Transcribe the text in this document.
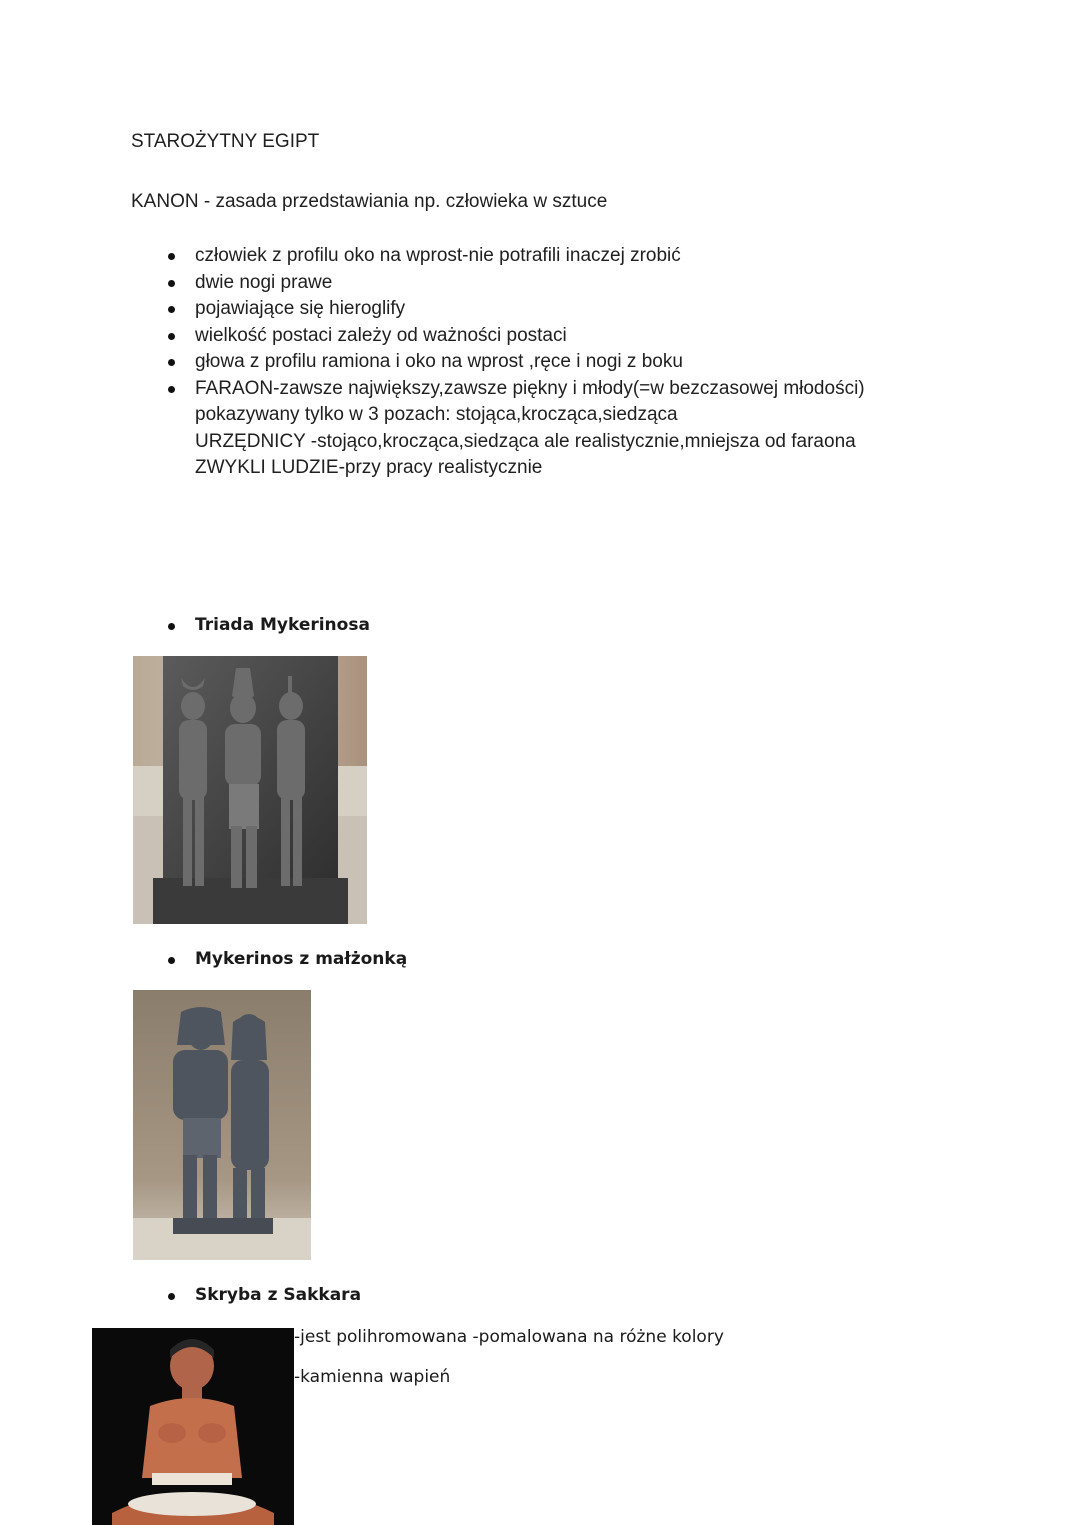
STAROŻYTNY EGIPT
KANON - zasada przedstawiania np. człowieka w sztuce
człowiek z profilu oko na wprost-nie potrafili inaczej zrobić
dwie nogi prawe
pojawiające się hieroglify
wielkość postaci zależy od ważności postaci
głowa z profilu ramiona i oko na wprost ,ręce i nogi z boku
FARAON-zawsze największy,zawsze piękny i młody(=w bezczasowej młodości)
pokazywany tylko w 3 pozach: stojąca,krocząca,siedząca
URZĘDNICY -stojąco,krocząca,siedząca ale realistycznie,mniejsza od faraona
ZWYKLI LUDZIE-przy pracy realistycznie
Triada Mykerinosa
Mykerinos z małżonką
Skryba z Sakkara
-jest polihromowana -pomalowana na różne kolory
-kamienna wapień
